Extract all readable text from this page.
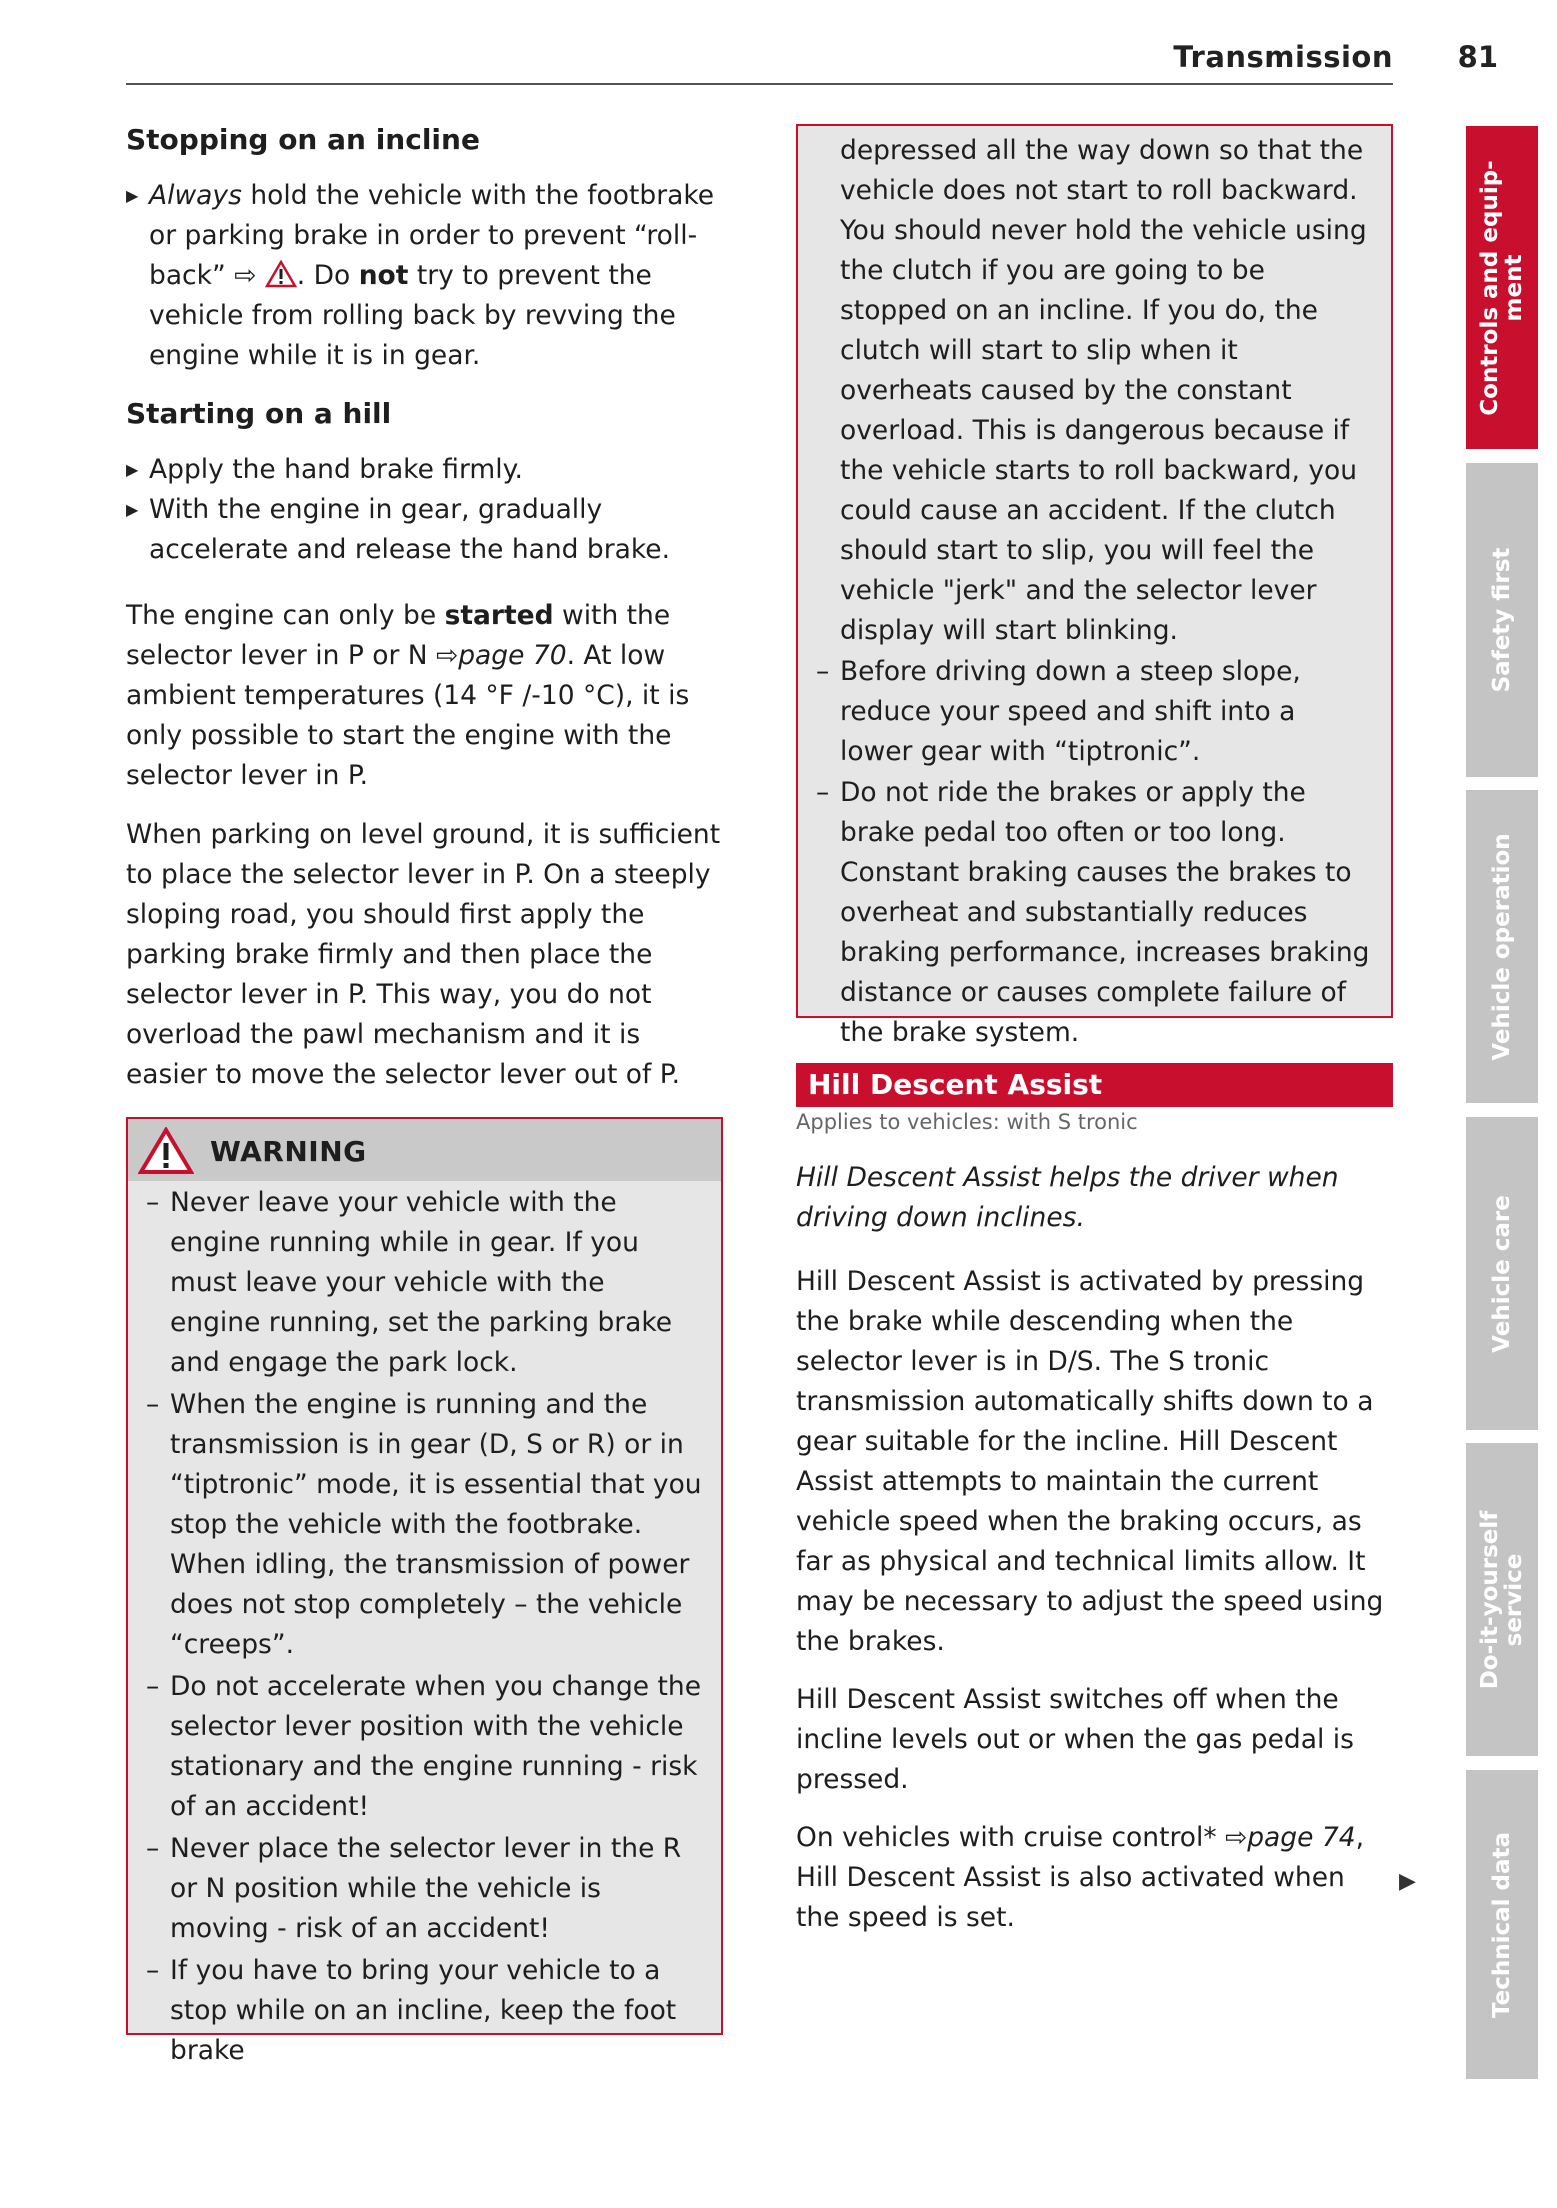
Transmission	81
Stopping on an incline
▶ Always hold the vehicle with the footbrake or parking brake in order to prevent “roll-back” ⇨ . Do not try to prevent the vehicle from rolling back by revving the engine while it is in gear.
Starting on a hill
▶ Apply the hand brake firmly.
▶ With the engine in gear, gradually accelerate and release the hand brake.

The engine can only be started with the selector lever in P or N ⇨page 70. At low ambient temperatures (14 °F /-10 °C), it is only possible to start the engine with the selector lever in P.

When parking on level ground, it is sufficient to place the selector lever in P. On a steeply sloping road, you should first apply the parking brake firmly and then place the selector lever in P. This way, you do not overload the pawl mechanism and it is easier to move the selector lever out of P.

WARNING
– Never leave your vehicle with the engine running while in gear. If you must leave your vehicle with the engine running, set the parking brake and engage the park lock.
– When the engine is running and the transmission is in gear (D, S or R) or in “tiptronic” mode, it is essential that you stop the vehicle with the footbrake. When idling, the transmission of power does not stop completely – the vehicle “creeps”.
– Do not accelerate when you change the selector lever position with the vehicle stationary and the engine running - risk of an accident!
– Never place the selector lever in the R or N position while the vehicle is moving - risk of an accident!
– If you have to bring your vehicle to a stop while on an incline, keep the foot brake

depressed all the way down so that the vehicle does not start to roll backward. You should never hold the vehicle using the clutch if you are going to be stopped on an incline. If you do, the clutch will start to slip when it overheats caused by the constant overload. This is dangerous because if the vehicle starts to roll backward, you could cause an accident. If the clutch should start to slip, you will feel the vehicle "jerk" and the selector lever display will start blinking.

– Before driving down a steep slope, reduce your speed and shift into a lower gear with “tiptronic”.
– Do not ride the brakes or apply the brake pedal too often or too long. Constant braking causes the brakes to overheat and substantially reduces braking performance, increases braking distance or causes complete failure of the brake system.
Hill Descent Assist
Applies to vehicles: with S tronic

Hill Descent Assist helps the driver when driving down inclines.

Hill Descent Assist is activated by pressing the brake while descending when the selector lever is in D/S. The S tronic transmission automatically shifts down to a gear suitable for the incline. Hill Descent Assist attempts to maintain the current vehicle speed when the braking occurs, as far as physical and technical limits allow. It may be necessary to adjust the speed using the brakes.

Hill Descent Assist switches off when the incline levels out or when the gas pedal is pressed.

On vehicles with cruise control* ⇨page 74, Hill Descent Assist is also activated when the speed is set.

▶
Controls and equip-
ment
Safety first
Vehicle operation
Vehicle care
Do-it-yourself
service
Technical data
